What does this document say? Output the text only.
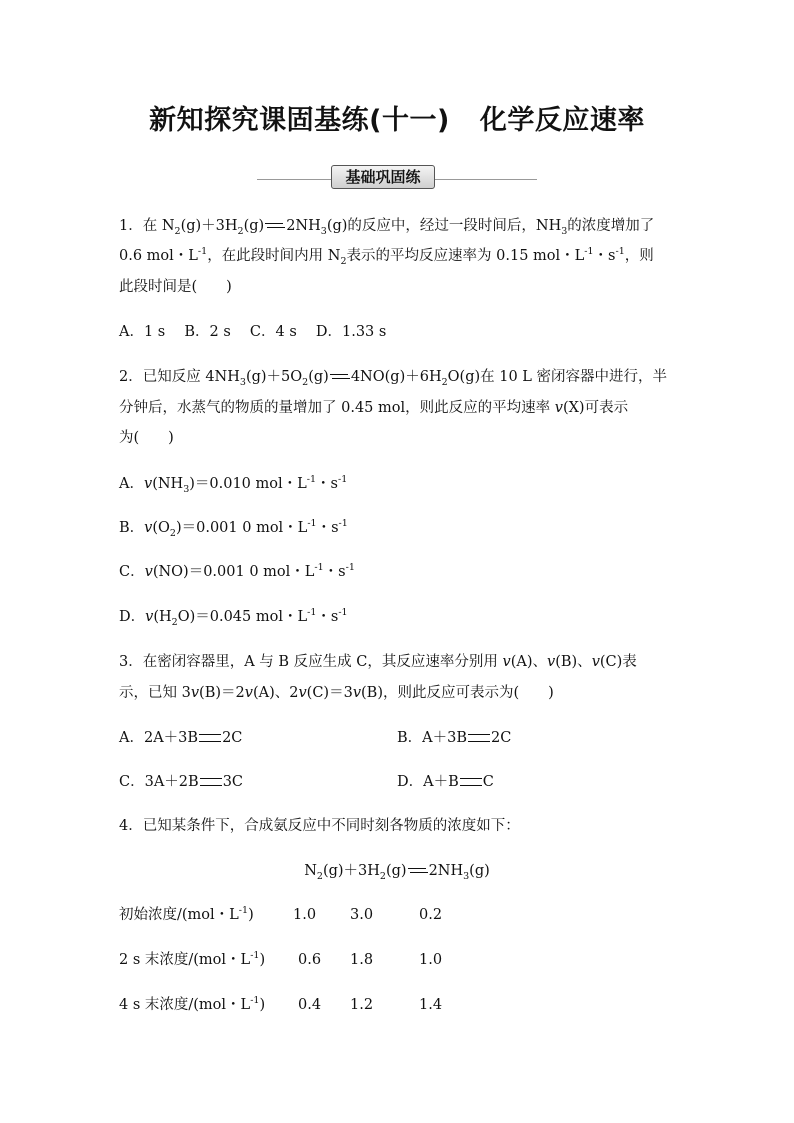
新知探究课固基练(十一) 化学反应速率
基础巩固练
1．在 $N_2(g)+3H_2(g)$ $2NH_3(g)$的反应中，经过一段时间后，$NH_3$的浓度增加了
0.6 mol・$L^{-1}$，在此段时间内用 $N_2$表示的平均反应速率为 0.15 mol・$L^{-1}$・$s^{-1}$，则
此段时间是(　　)
A．1 s　 B．2 s　 C．4 s　 D．1.33 s
2．已知反应 $4NH_3(g)+5O_2(g)$ $4NO(g)+6H_2O(g)$在 10 L 密闭容器中进行，半
分钟后，水蒸气的物质的量增加了 0.45 mol，则此反应的平均速率 v(X)可表示
为(　　)
A．$v(NH_3)=0.010$ mol・$L^{-1}$・$s^{-1}$
B．$v(O_2)=0.001$ 0 mol・$L^{-1}$・$s^{-1}$
C．v(NO)＝0.001 0 mol・$L^{-1}$・$s^{-1}$
D．$v(H_2O)=0.045$ mol・$L^{-1}$・$s^{-1}$
3．在密闭容器里，A 与 B 反应生成 C，其反应速率分别用 v(A)、v(B)、v(C)表
示，已知 3v(B)＝2v(A)、2v(C)＝3v(B)，则此反应可表示为(　　)
A．2A＋3B 2C	B．A＋3B 2C
C．3A＋2B 3C	D．A＋B C
4．已知某条件下，合成氨反应中不同时刻各物质的浓度如下：
$N_2(g)+3H_2(g)$ $2NH_3(g)$
初始浓度/(mol・$L^{-1}$)	1.0 3.0	0.2
2 s 末浓度/(mol・$L^{-1}$) 0.6 1.8	1.0
4 s 末浓度/(mol・$L^{-1}$) 0.4 1.2	1.4
